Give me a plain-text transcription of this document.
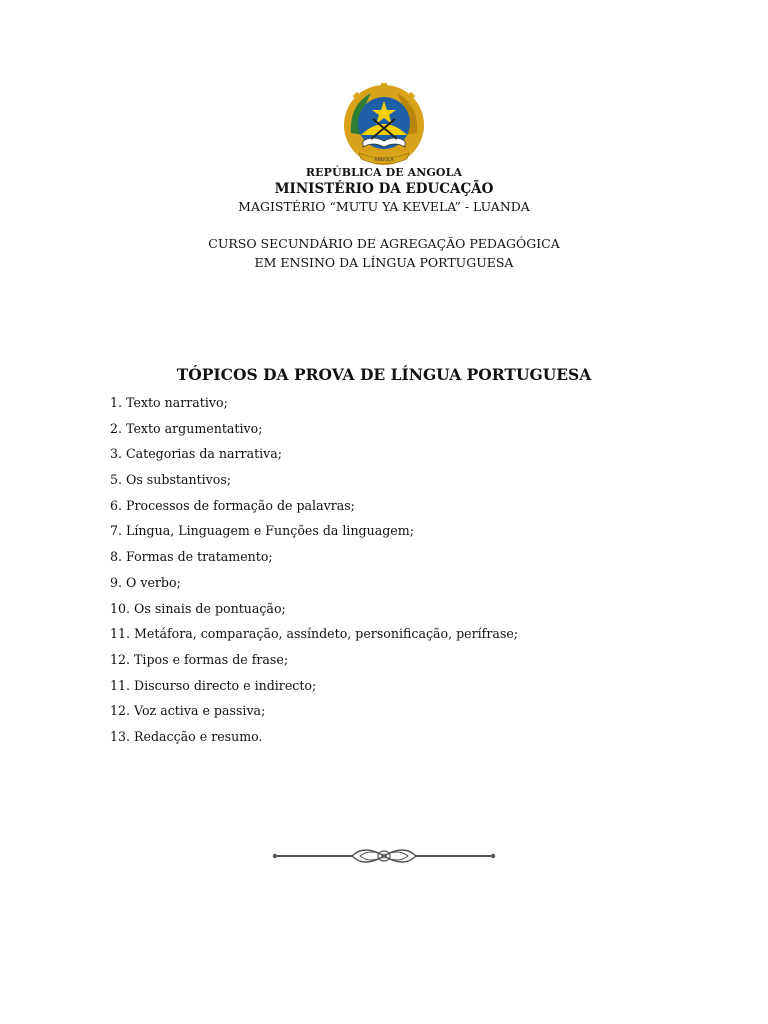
ANGOLA
REPÚBLICA DE ANGOLA
MINISTÉRIO DA EDUCAÇÃO
MAGISTÉRIO “MUTU YA KEVELA” - LUANDA
CURSO SECUNDÁRIO DE AGREGAÇÃO PEDAGÓGICA
EM ENSINO DA LÍNGUA PORTUGUESA
TÓPICOS DA PROVA DE LÍNGUA PORTUGUESA
1. Texto narrativo;
2. Texto argumentativo;
3. Categorias da narrativa;
5. Os substantivos;
6. Processos de formação de palavras;
7. Língua, Linguagem e Funções da linguagem;
8. Formas de tratamento;
9. O verbo;
10. Os sinais de pontuação;
11. Metáfora, comparação, assíndeto, personificação, perífrase;
12. Tipos e formas de frase;
11. Discurso directo e indirecto;
12. Voz activa e passiva;
13. Redacção e resumo.
